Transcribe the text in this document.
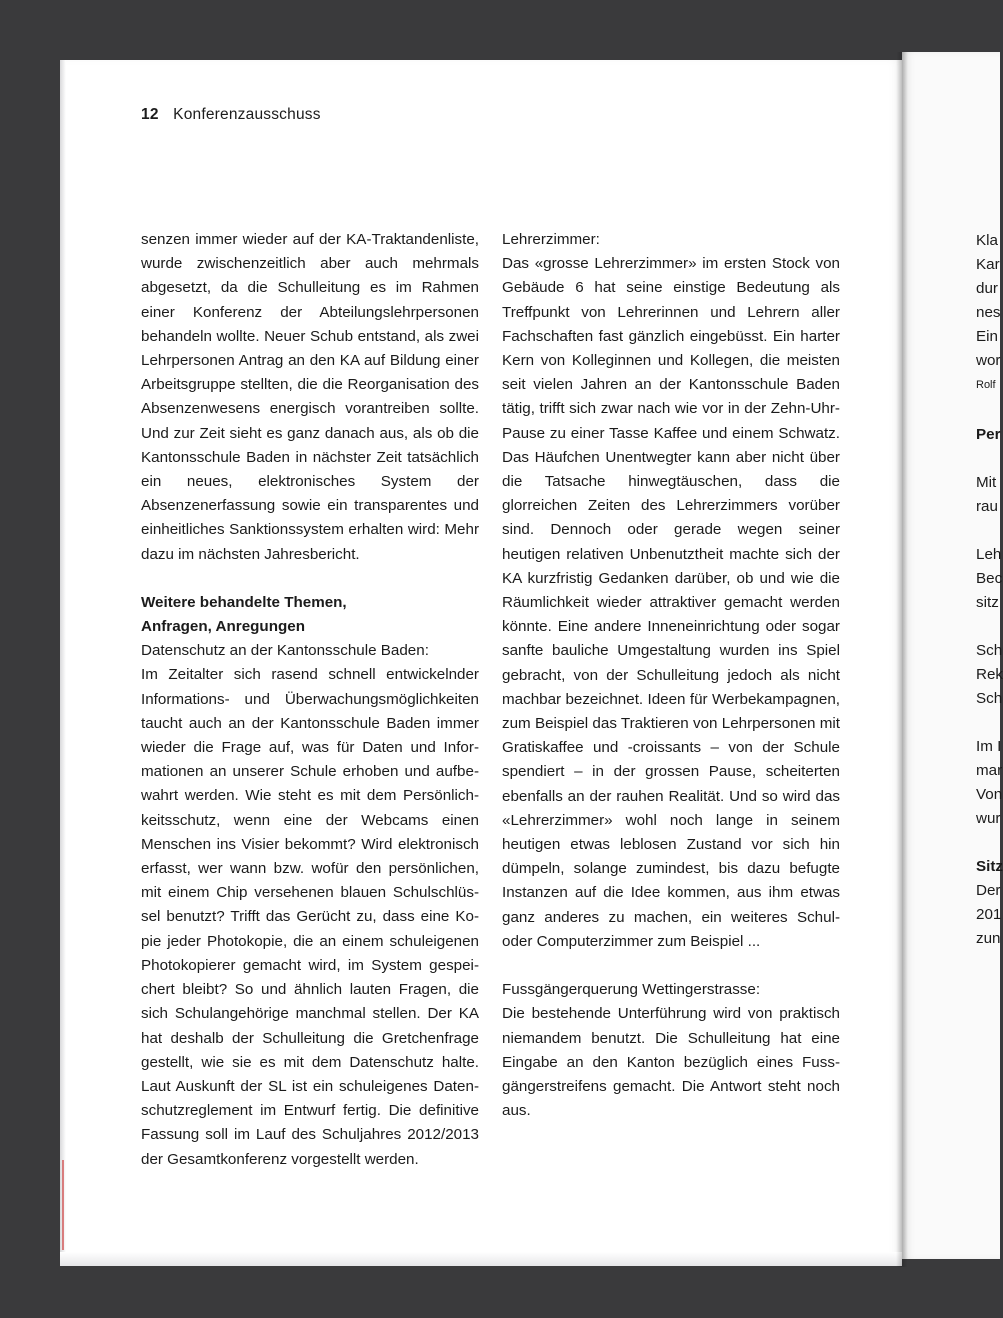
12 Konferenzausschuss

senzen immer wieder auf der KA-Traktandenliste, wurde zwischenzeitlich aber auch mehrmals abgesetzt, da die Schulleitung es im Rahmen einer Konferenz der Abteilungslehrpersonen behandeln wollte. Neuer Schub entstand, als zwei Lehrpersonen Antrag an den KA auf Bildung einer Arbeitsgruppe stellten, die die Reorganisation des Absenzenwesens energisch vorantreiben sollte. Und zur Zeit sieht es ganz danach aus, als ob die Kantonsschule Baden in nächster Zeit tatsächlich ein neues, elektronisches System der Absenzenerfassung sowie ein transparentes und einheitliches Sanktionssystem erhalten wird: Mehr dazu im nächsten Jahresbericht.

Weitere behandelte Themen,
Anfragen, Anregungen

Datenschutz an der Kantonsschule Baden:

Im Zeitalter sich rasend schnell entwickelnder Informations- und Überwachungsmöglichkeiten taucht auch an der Kantonsschule Baden immer wieder die Frage auf, was für Daten und Informationen an unserer Schule erhoben und aufbewahrt werden. Wie steht es mit dem Persönlichkeitsschutz, wenn eine der Webcams einen Menschen ins Visier bekommt? Wird elektronisch erfasst, wer wann bzw. wofür den persönlichen, mit einem Chip versehenen blauen Schulschlüssel benutzt? Trifft das Gerücht zu, dass eine Kopie jeder Photokopie, die an einem schuleigenen Photokopierer gemacht wird, im System gespeichert bleibt? So und ähnlich lauten Fragen, die sich Schulangehörige manchmal stellen. Der KA hat deshalb der Schulleitung die Gretchenfrage gestellt, wie sie es mit dem Datenschutz halte. Laut Auskunft der SL ist ein schuleigenes Datenschutzreglement im Entwurf fertig. Die definitive Fassung soll im Lauf des Schuljahres 2012/2013 der Gesamtkonferenz vorgestellt werden.

Lehrerzimmer:

Das «grosse Lehrerzimmer» im ersten Stock von Gebäude 6 hat seine einstige Bedeutung als Treffpunkt von Lehrerinnen und Lehrern aller Fachschaften fast gänzlich eingebüsst. Ein harter Kern von Kolleginnen und Kollegen, die meisten seit vielen Jahren an der Kantonsschule Baden tätig, trifft sich zwar nach wie vor in der Zehn-Uhr-Pause zu einer Tasse Kaffee und einem Schwatz. Das Häufchen Unentwegter kann aber nicht über die Tatsache hinwegtäuschen, dass die glorreichen Zeiten des Lehrerzimmers vorüber sind. Dennoch oder gerade wegen seiner heutigen relativen Unbenutztheit machte sich der KA kurzfristig Gedanken darüber, ob und wie die Räumlichkeit wieder attraktiver gemacht werden könnte. Eine andere Inneneinrichtung oder sogar sanfte bauliche Umgestaltung wurden ins Spiel gebracht, von der Schulleitung jedoch als nicht machbar bezeichnet. Ideen für Werbekampagnen, zum Beispiel das Traktieren von Lehrpersonen mit Gratiskaffee und -croissants – von der Schule spendiert – in der grossen Pause, scheiterten ebenfalls an der rauhen Realität. Und so wird das «Lehrerzimmer» wohl noch lange in seinem heutigen etwas leblosen Zustand vor sich hin dümpeln, solange zumindest, bis dazu befugte Instanzen auf die Idee kommen, aus ihm etwas ganz anderes zu machen, ein weiteres Schul- oder Computerzimmer zum Beispiel ...

Fussgängerquerung Wettingerstrasse:

Die bestehende Unterführung wird von praktisch niemandem benutzt. Die Schulleitung hat eine Eingabe an den Kanton bezüglich eines Fussgängerstreifens gemacht. Die Antwort steht noch aus.

Kla
Kar
dur
nes
Ein
wor
Rolf
Per
Mit
rau
Leh
Bec
sitz
Sch
Rek
Sch
Im I
mar
Von
wur
Sitz
Der
201
zun
